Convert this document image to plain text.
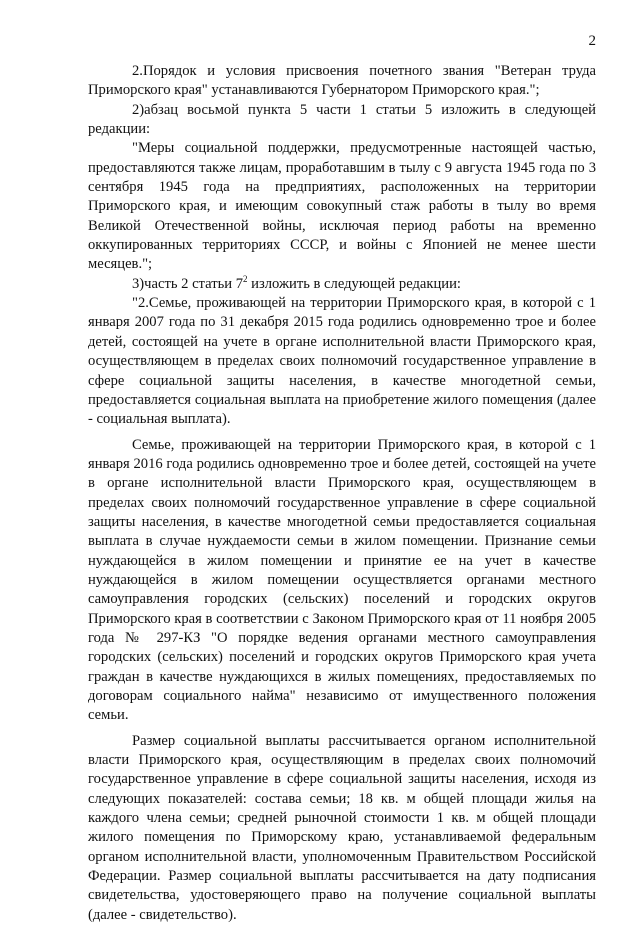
2

2.Порядок и условия присвоения почетного звания "Ветеран труда Приморского края" устанавливаются Губернатором Приморского края.";

2)абзац восьмой пункта 5 части 1 статьи 5 изложить в следующей редакции:

"Меры социальной поддержки, предусмотренные настоящей частью, предоставляются также лицам, проработавшим в тылу с 9 августа 1945 года по 3 сентября 1945 года на предприятиях, расположенных на территории Приморского края, и имеющим совокупный стаж работы в тылу во время Великой Отечественной войны, исключая период работы на временно оккупированных территориях СССР, и войны с Японией не менее шести месяцев.";

3)часть 2 статьи $7^2$ изложить в следующей редакции:

"2.Семье, проживающей на территории Приморского края, в которой с 1 января 2007 года по 31 декабря 2015 года родились одновременно трое и более детей, состоящей на учете в органе исполнительной власти Приморского края, осуществляющем в пределах своих полномочий государственное управление в сфере социальной защиты населения, в качестве многодетной семьи, предоставляется социальная выплата на приобретение жилого помещения (далее - социальная выплата).

Семье, проживающей на территории Приморского края, в которой с 1 января 2016 года родились одновременно трое и более детей, состоящей на учете в органе исполнительной власти Приморского края, осуществляющем в пределах своих полномочий государственное управление в сфере социальной защиты населения, в качестве многодетной семьи предоставляется социальная выплата в случае нуждаемости семьи в жилом помещении. Признание семьи нуждающейся в жилом помещении и принятие ее на учет в качестве нуждающейся в жилом помещении осуществляется органами местного самоуправления городских (сельских) поселений и городских округов Приморского края в соответствии с Законом Приморского края от 11 ноября 2005 года № 297-КЗ "О порядке ведения органами местного самоуправления городских (сельских) поселений и городских округов Приморского края учета граждан в качестве нуждающихся в жилых помещениях, предоставляемых по договорам социального найма" независимо от имущественного положения семьи.

Размер социальной выплаты рассчитывается органом исполнительной власти Приморского края, осуществляющим в пределах своих полномочий государственное управление в сфере социальной защиты населения, исходя из следующих показателей: состава семьи; 18 кв. м общей площади жилья на каждого члена семьи; средней рыночной стоимости 1 кв. м общей площади жилого помещения по Приморскому краю, устанавливаемой федеральным органом исполнительной власти, уполномоченным Правительством Российской Федерации. Размер социальной выплаты рассчитывается на дату подписания свидетельства, удостоверяющего право на получение социальной выплаты (далее - свидетельство).
